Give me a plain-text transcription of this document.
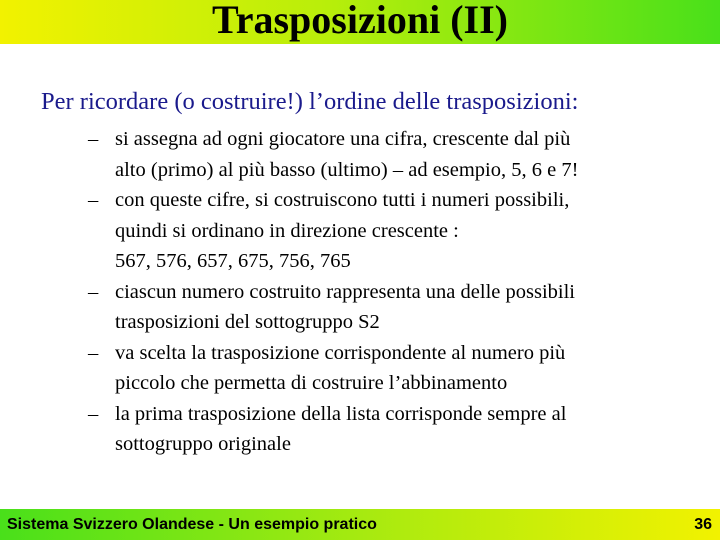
Trasposizioni (II)
Per ricordare (o costruire!) l’ordine delle trasposizioni:
– si assegna ad ogni giocatore una cifra, crescente dal più
alto (primo) al più basso (ultimo) – ad esempio, 5, 6 e 7!
– con queste cifre, si costruiscono tutti i numeri possibili,
quindi si ordinano in direzione crescente :
567, 576, 657, 675, 756, 765
– ciascun numero costruito rappresenta una delle possibili
trasposizioni del sottogruppo S2
– va scelta la trasposizione corrispondente al numero più
piccolo che permetta di costruire l’abbinamento
– la prima trasposizione della lista corrisponde sempre al
sottogruppo originale
Sistema Svizzero Olandese - Un esempio pratico	36
